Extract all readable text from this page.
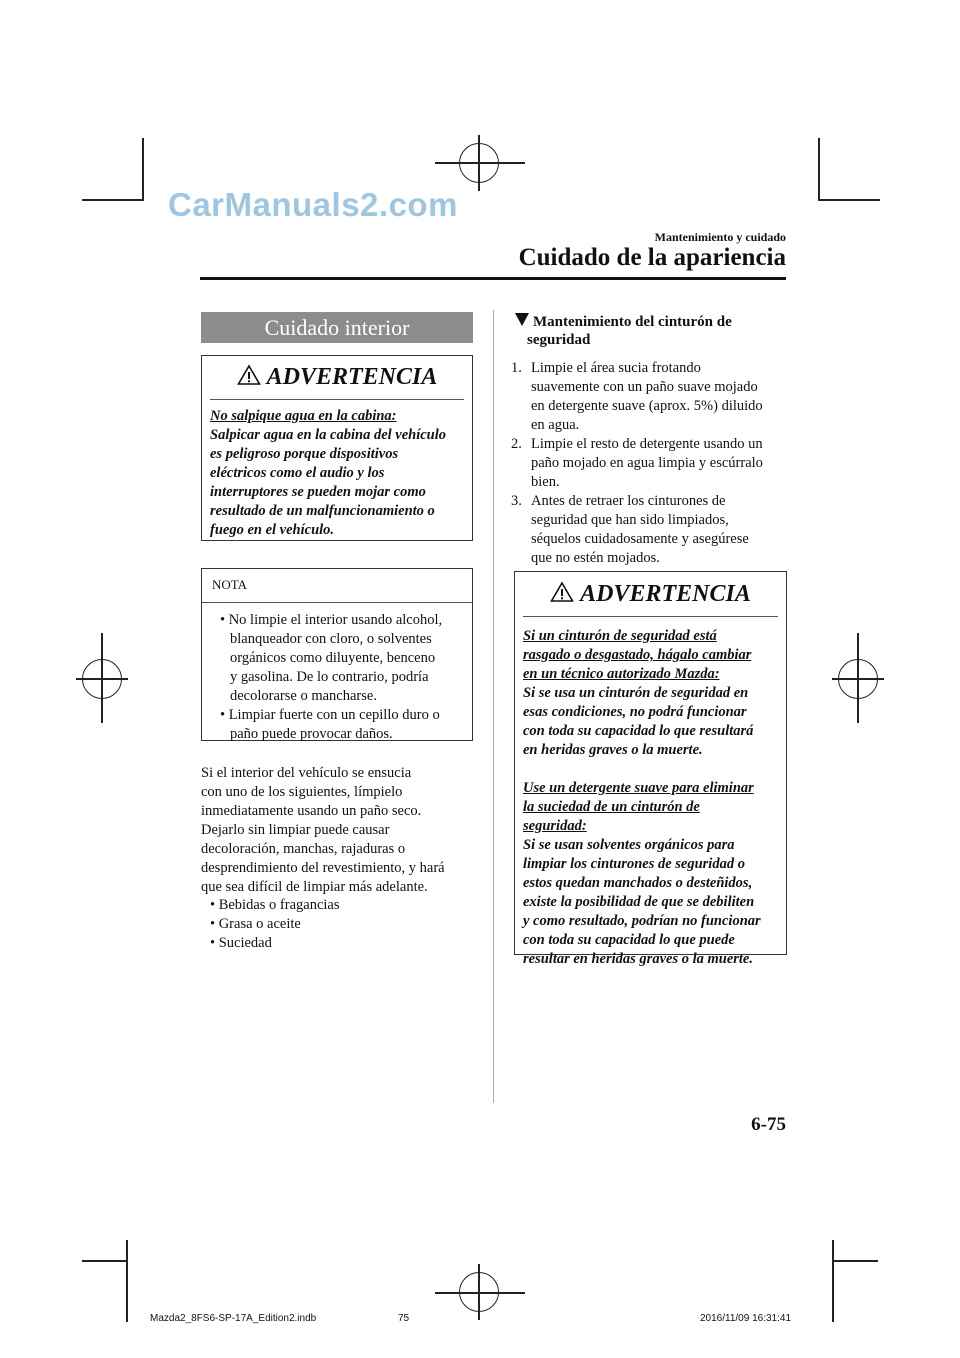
CarManuals2.com
Mantenimiento y cuidado
Cuidado de la apariencia
Cuidado interior
ADVERTENCIA
No salpique agua en la cabina:
Salpicar agua en la cabina del vehículo
es peligroso porque dispositivos
eléctricos como el audio y los
interruptores se pueden mojar como
resultado de un malfuncionamiento o
fuego en el vehículo.
NOTA
• No limpie el interior usando alcohol,
blanqueador con cloro, o solventes
orgánicos como diluyente, benceno
y gasolina. De lo contrario, podría
decolorarse o mancharse.
• Limpiar fuerte con un cepillo duro o
paño puede provocar daños.
Si el interior del vehículo se ensucia
con uno de los siguientes, límpielo
inmediatamente usando un paño seco.
Dejarlo sin limpiar puede causar
decoloración, manchas, rajaduras o
desprendimiento del revestimiento, y hará
que sea difícil de limpiar más adelante.
• Bebidas o fragancias
• Grasa o aceite
• Suciedad
Mantenimiento del cinturón de
seguridad
1. Limpie el área sucia frotando
suavemente con un paño suave mojado
en detergente suave (aprox. 5%) diluido
en agua.
2. Limpie el resto de detergente usando un
paño mojado en agua limpia y escúrralo
bien.
3. Antes de retraer los cinturones de
seguridad que han sido limpiados,
séquelos cuidadosamente y asegúrese
que no estén mojados.
ADVERTENCIA
Si un cinturón de seguridad está
rasgado o desgastado, hágalo cambiar
en un técnico autorizado Mazda:
Si se usa un cinturón de seguridad en
esas condiciones, no podrá funcionar
con toda su capacidad lo que resultará
en heridas graves o la muerte.
Use un detergente suave para eliminar
la suciedad de un cinturón de
seguridad:
Si se usan solventes orgánicos para
limpiar los cinturones de seguridad o
estos quedan manchados o desteñidos,
existe la posibilidad de que se debiliten
y como resultado, podrían no funcionar
con toda su capacidad lo que puede
resultar en heridas graves o la muerte.
6-75
Mazda2_8FS6-SP-17A_Edition2.indb	75	2016/11/09 16:31:41
